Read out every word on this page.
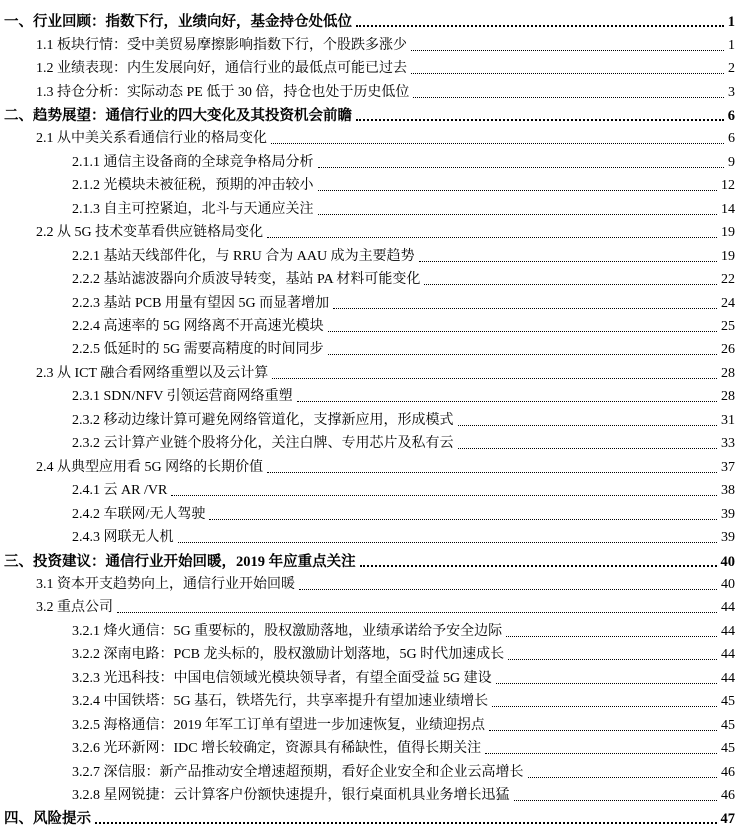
一、行业回顾：指数下行，业绩向好，基金持仓处低位	1
1.1 板块行情：受中美贸易摩擦影响指数下行，个股跌多涨少	1
1.2 业绩表现：内生发展向好，通信行业的最低点可能已过去	2
1.3 持仓分析：实际动态 PE 低于 30 倍，持仓也处于历史低位	3
二、趋势展望：通信行业的四大变化及其投资机会前瞻	6
2.1 从中美关系看通信行业的格局变化	6
2.1.1 通信主设备商的全球竞争格局分析	9
2.1.2 光模块未被征税，预期的冲击较小	12
2.1.3 自主可控紧迫，北斗与天通应关注	14
2.2 从 5G 技术变革看供应链格局变化	19
2.2.1 基站天线部件化，与 RRU 合为 AAU 成为主要趋势	19
2.2.2 基站滤波器向介质波导转变，基站 PA 材料可能变化	22
2.2.3 基站 PCB 用量有望因 5G 而显著增加	24
2.2.4 高速率的 5G 网络离不开高速光模块	25
2.2.5 低延时的 5G 需要高精度的时间同步	26
2.3 从 ICT 融合看网络重塑以及云计算	28
2.3.1 SDN/NFV 引领运营商网络重塑	28
2.3.2 移动边缘计算可避免网络管道化，支撑新应用，形成模式	31
2.3.2 云计算产业链个股将分化，关注白牌、专用芯片及私有云	33
2.4 从典型应用看 5G 网络的长期价值	37
2.4.1 云 AR /VR	38
2.4.2 车联网/无人驾驶	39
2.4.3 网联无人机	39
三、投资建议：通信行业开始回暖，2019 年应重点关注	40
3.1 资本开支趋势向上，通信行业开始回暖	40
3.2 重点公司	44
3.2.1 烽火通信：5G 重要标的，股权激励落地，业绩承诺给予安全边际	44
3.2.2 深南电路：PCB 龙头标的，股权激励计划落地，5G 时代加速成长	44
3.2.3 光迅科技：中国电信领域光模块领导者，有望全面受益 5G 建设	44
3.2.4 中国铁塔：5G 基石，铁塔先行，共享率提升有望加速业绩增长	45
3.2.5 海格通信：2019 年军工订单有望进一步加速恢复，业绩迎拐点	45
3.2.6 光环新网：IDC 增长较确定，资源具有稀缺性，值得长期关注	45
3.2.7 深信服：新产品推动安全增速超预期，看好企业安全和企业云高增长	46
3.2.8 星网锐捷：云计算客户份额快速提升，银行桌面机具业务增长迅猛	46
四、风险提示	47
